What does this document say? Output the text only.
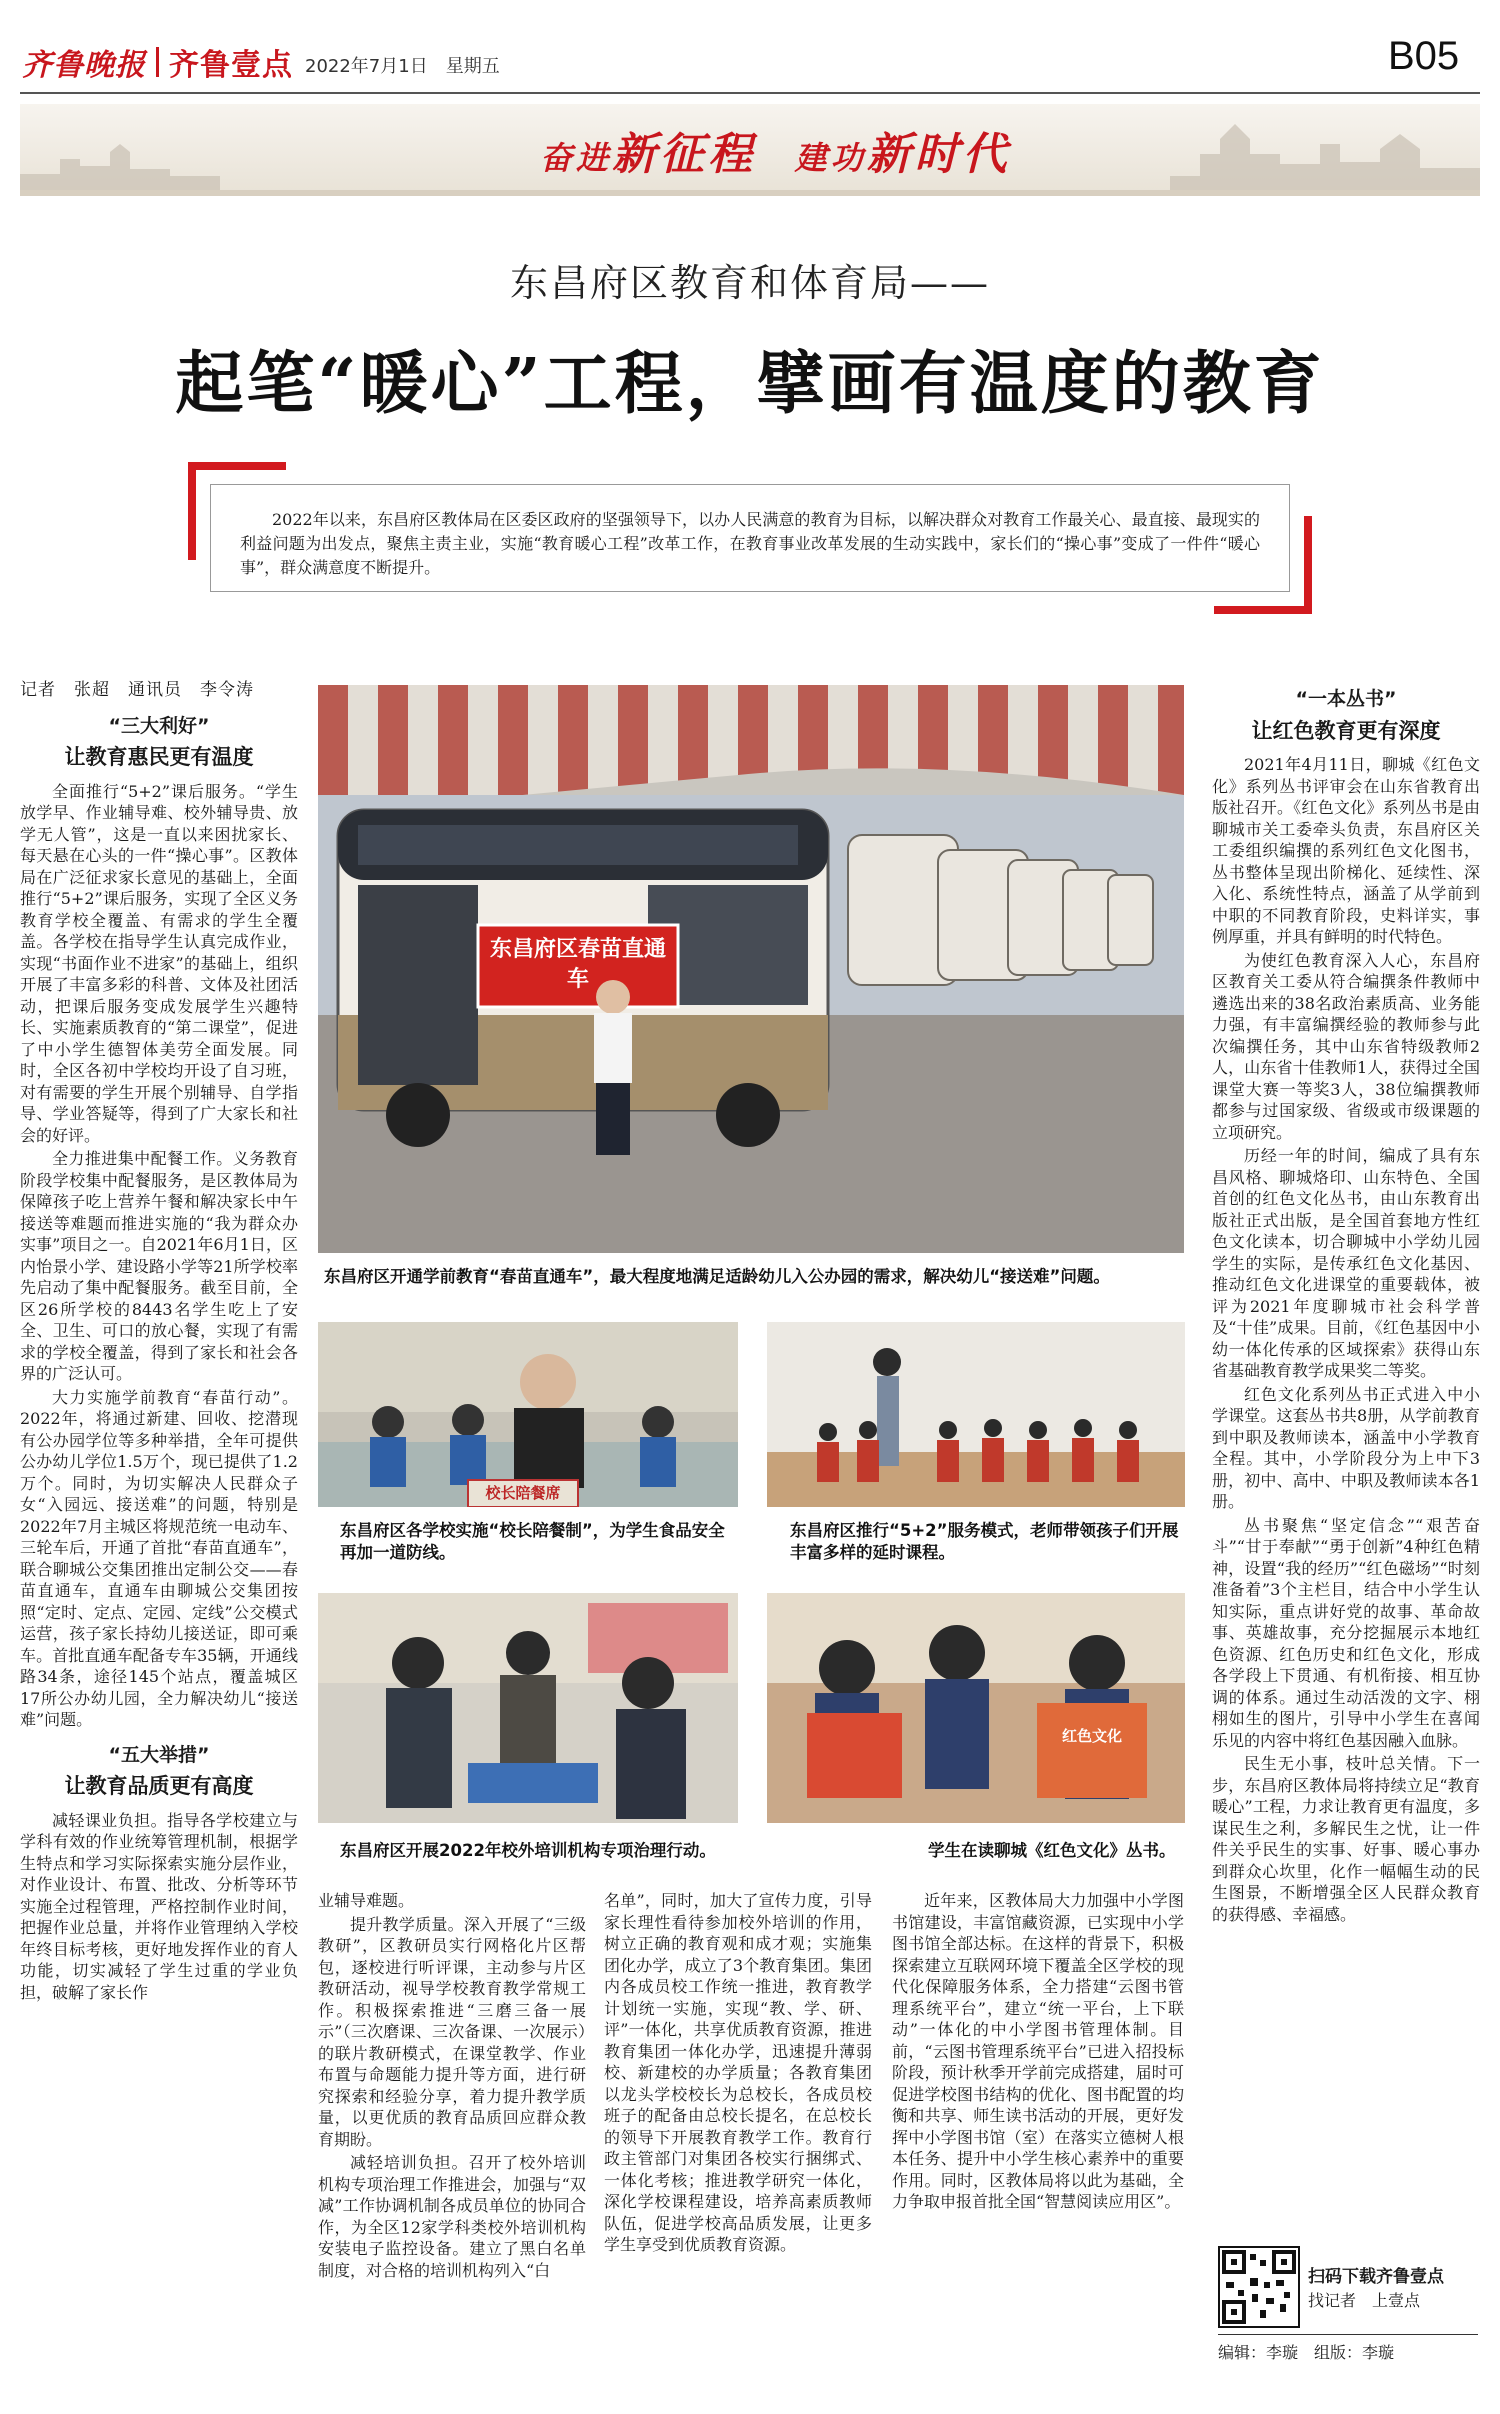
齐鲁晚报 齐鲁壹点 2022年7月1日　星期五	B05
奋进新征程 建功新时代
东昌府区教育和体育局——
起笔“暖心”工程，擘画有温度的教育
2022年以来，东昌府区教体局在区委区政府的坚强领导下，以办人民满意的教育为目标，以解决群众对教育工作最关心、最直接、最现实的利益问题为出发点，聚焦主责主业，实施“教育暖心工程”改革工作，在教育事业改革发展的生动实践中，家长们的“操心事”变成了一件件“暖心事”，群众满意度不断提升。
记者　张超　通讯员　李令涛
“三大利好”
让教育惠民更有温度

全面推行“5+2”课后服务。“学生放学早、作业辅导难、校外辅导贵、放学无人管”，这是一直以来困扰家长、每天悬在心头的一件“操心事”。区教体局在广泛征求家长意见的基础上，全面推行“5+2”课后服务，实现了全区义务教育学校全覆盖、有需求的学生全覆盖。各学校在指导学生认真完成作业，实现“书面作业不进家”的基础上，组织开展了丰富多彩的科普、文体及社团活动，把课后服务变成发展学生兴趣特长、实施素质教育的“第二课堂”，促进了中小学生德智体美劳全面发展。同时，全区各初中学校均开设了自习班，对有需要的学生开展个别辅导、自学指导、学业答疑等，得到了广大家长和社会的好评。

全力推进集中配餐工作。义务教育阶段学校集中配餐服务，是区教体局为保障孩子吃上营养午餐和解决家长中午接送等难题而推进实施的“我为群众办实事”项目之一。自2021年6月1日，区内怡景小学、建设路小学等21所学校率先启动了集中配餐服务。截至目前，全区26所学校的8443名学生吃上了安全、卫生、可口的放心餐，实现了有需求的学校全覆盖，得到了家长和社会各界的广泛认可。

大力实施学前教育“春苗行动”。2022年，将通过新建、回收、挖潜现有公办园学位等多种举措，全年可提供公办幼儿学位1.5万个，现已提供了1.2万个。同时，为切实解决人民群众子女“入园远、接送难”的问题，特别是2022年7月主城区将规范统一电动车、三轮车后，开通了首批“春苗直通车”，联合聊城公交集团推出定制公交——春苗直通车，直通车由聊城公交集团按照“定时、定点、定园、定线”公交模式运营，孩子家长持幼儿接送证，即可乘车。首批直通车配备专车35辆，开通线路34条，途径145个站点，覆盖城区17所公办幼儿园，全力解决幼儿“接送难”问题。

“五大举措”
让教育品质更有高度

减轻课业负担。指导各学校建立与学科有效的作业统筹管理机制，根据学生特点和学习实际探索实施分层作业，对作业设计、布置、批改、分析等环节实施全过程管理，严格控制作业时间，把握作业总量，并将作业管理纳入学校年终目标考核，更好地发挥作业的育人功能，切实减轻了学生过重的学业负担，破解了家长作

东昌府区春苗直通车
东昌府区开通学前教育“春苗直通车”，最大程度地满足适龄幼儿入公办园的需求，解决幼儿“接送难”问题。
校长陪餐席
东昌府区各学校实施“校长陪餐制”，为学生食品安全再加一道防线。
东昌府区推行“5+2”服务模式，老师带领孩子们开展丰富多样的延时课程。
东昌府区开展2022年校外培训机构专项治理行动。
红色文化
学生在读聊城《红色文化》丛书。

业辅导难题。

提升教学质量。深入开展了“三级教研”，区教研员实行网格化片区帮包，逐校进行听评课，主动参与片区教研活动，视导学校教育教学常规工作。积极探索推进“三磨三备一展示”（三次磨课、三次备课、一次展示）的联片教研模式，在课堂教学、作业布置与命题能力提升等方面，进行研究探索和经验分享，着力提升教学质量，以更优质的教育品质回应群众教育期盼。

减轻培训负担。召开了校外培训机构专项治理工作推进会，加强与“双减”工作协调机制各成员单位的协同合作，为全区12家学科类校外培训机构安装电子监控设备。建立了黑白名单制度，对合格的培训机构列入“白

名单”，同时，加大了宣传力度，引导家长理性看待参加校外培训的作用，树立正确的教育观和成才观；实施集团化办学，成立了3个教育集团。集团内各成员校工作统一推进，教育教学计划统一实施，实现“教、学、研、评”一体化，共享优质教育资源，推进教育集团一体化办学，迅速提升薄弱校、新建校的办学质量；各教育集团以龙头学校校长为总校长，各成员校班子的配备由总校长提名，在总校长的领导下开展教育教学工作。教育行政主管部门对集团各校实行捆绑式、一体化考核；推进教学研究一体化，深化学校课程建设，培养高素质教师队伍，促进学校高品质发展，让更多学生享受到优质教育资源。

近年来，区教体局大力加强中小学图书馆建设，丰富馆藏资源，已实现中小学图书馆全部达标。在这样的背景下，积极探索建立互联网环境下覆盖全区学校的现代化保障服务体系，全力搭建“云图书管理系统平台”，建立“统一平台，上下联动”一体化的中小学图书管理体制。目前，“云图书管理系统平台”已进入招投标阶段，预计秋季开学前完成搭建，届时可促进学校图书结构的优化、图书配置的均衡和共享、师生读书活动的开展，更好发挥中小学图书馆（室）在落实立德树人根本任务、提升中小学生核心素养中的重要作用。同时，区教体局将以此为基础，全力争取申报首批全国“智慧阅读应用区”。

“一本丛书”
让红色教育更有深度

2021年4月11日，聊城《红色文化》系列丛书评审会在山东省教育出版社召开。《红色文化》系列丛书是由聊城市关工委牵头负责，东昌府区关工委组织编撰的系列红色文化图书，丛书整体呈现出阶梯化、延续性、深入化、系统性特点，涵盖了从学前到中职的不同教育阶段，史料详实，事例厚重，并具有鲜明的时代特色。

为使红色教育深入人心，东昌府区教育关工委从符合编撰条件教师中遴选出来的38名政治素质高、业务能力强，有丰富编撰经验的教师参与此次编撰任务，其中山东省特级教师2人，山东省十佳教师1人，获得过全国课堂大赛一等奖3人，38位编撰教师都参与过国家级、省级或市级课题的立项研究。

历经一年的时间，编成了具有东昌风格、聊城烙印、山东特色、全国首创的红色文化丛书，由山东教育出版社正式出版，是全国首套地方性红色文化读本，切合聊城中小学幼儿园学生的实际，是传承红色文化基因、推动红色文化进课堂的重要载体，被评为2021年度聊城市社会科学普及“十佳”成果。目前，《红色基因中小幼一体化传承的区域探索》获得山东省基础教育教学成果奖二等奖。

红色文化系列丛书正式进入中小学课堂。这套丛书共8册，从学前教育到中职及教师读本，涵盖中小学教育全程。其中，小学阶段分为上中下3册，初中、高中、中职及教师读本各1册。

丛书聚焦“坚定信念”“艰苦奋斗”“甘于奉献”“勇于创新”4种红色精神，设置“我的经历”“红色磁场”“时刻准备着”3个主栏目，结合中小学生认知实际，重点讲好党的故事、革命故事、英雄故事，充分挖掘展示本地红色资源、红色历史和红色文化，形成各学段上下贯通、有机衔接、相互协调的体系。通过生动活泼的文字、栩栩如生的图片，引导中小学生在喜闻乐见的内容中将红色基因融入血脉。

民生无小事，枝叶总关情。下一步，东昌府区教体局将持续立足“教育暖心”工程，力求让教育更有温度，多谋民生之利，多解民生之忧，让一件件关乎民生的实事、好事、暖心事办到群众心坎里，化作一幅幅生动的民生图景，不断增强全区人民群众教育的获得感、幸福感。

扫码下载齐鲁壹点
找记者　上壹点
编辑：李璇　组版：李璇
